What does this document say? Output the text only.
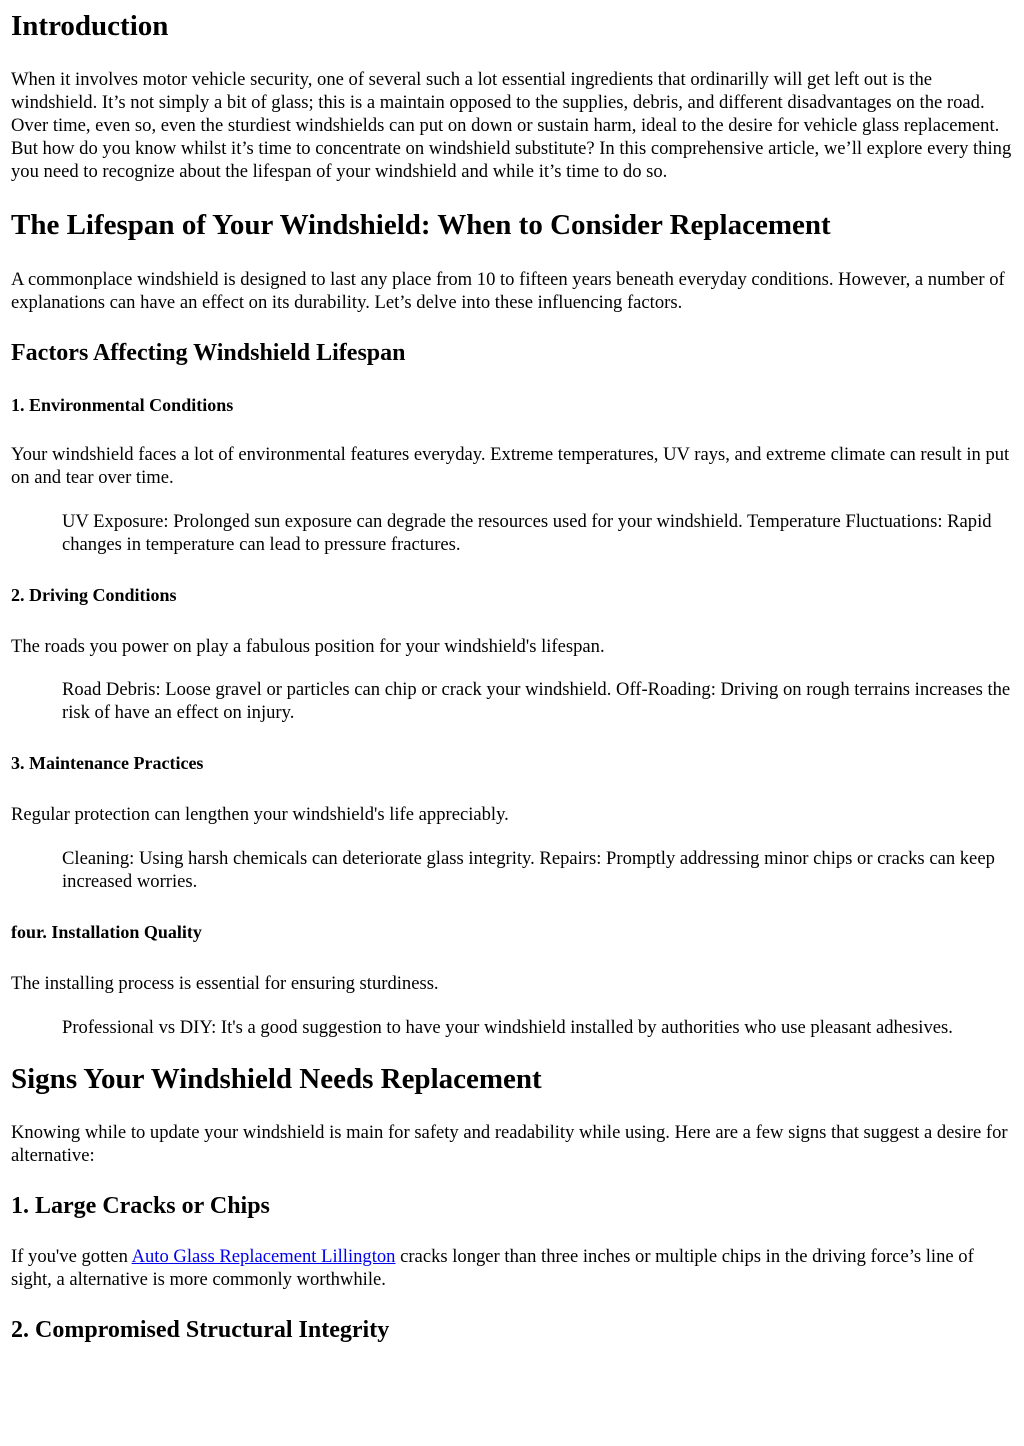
Introduction

When it involves motor vehicle security, one of several such a lot essential ingredients that ordinarilly will get left out is the windshield. It’s not simply a bit of glass; this is a maintain opposed to the supplies, debris, and different disadvantages on the road. Over time, even so, even the sturdiest windshields can put on down or sustain harm, ideal to the desire for vehicle glass replacement. But how do you know whilst it’s time to concentrate on windshield substitute? In this comprehensive article, we’ll explore every thing you need to recognize about the lifespan of your windshield and while it’s time to do so.

The Lifespan of Your Windshield: When to Consider Replacement

A commonplace windshield is designed to last any place from 10 to fifteen years beneath everyday conditions. However, a number of explanations can have an effect on its durability. Let’s delve into these influencing factors.

Factors Affecting Windshield Lifespan
1. Environmental Conditions

Your windshield faces a lot of environmental features everyday. Extreme temperatures, UV rays, and extreme climate can result in put on and tear over time.

UV Exposure: Prolonged sun exposure can degrade the resources used for your windshield. Temperature Fluctuations: Rapid changes in temperature can lead to pressure fractures.
2. Driving Conditions

The roads you power on play a fabulous position for your windshield's lifespan.

Road Debris: Loose gravel or particles can chip or crack your windshield. Off-Roading: Driving on rough terrains increases the risk of have an effect on injury.
3. Maintenance Practices

Regular protection can lengthen your windshield's life appreciably.

Cleaning: Using harsh chemicals can deteriorate glass integrity. Repairs: Promptly addressing minor chips or cracks can keep increased worries.
four. Installation Quality

The installing process is essential for ensuring sturdiness.

Professional vs DIY: It's a good suggestion to have your windshield installed by authorities who use pleasant adhesives.
Signs Your Windshield Needs Replacement

Knowing while to update your windshield is main for safety and readability while using. Here are a few signs that suggest a desire for alternative:

1. Large Cracks or Chips

If you've gotten Auto Glass Replacement Lillington cracks longer than three inches or multiple chips in the driving force’s line of sight, a alternative is more commonly worthwhile.

2. Compromised Structural Integrity
